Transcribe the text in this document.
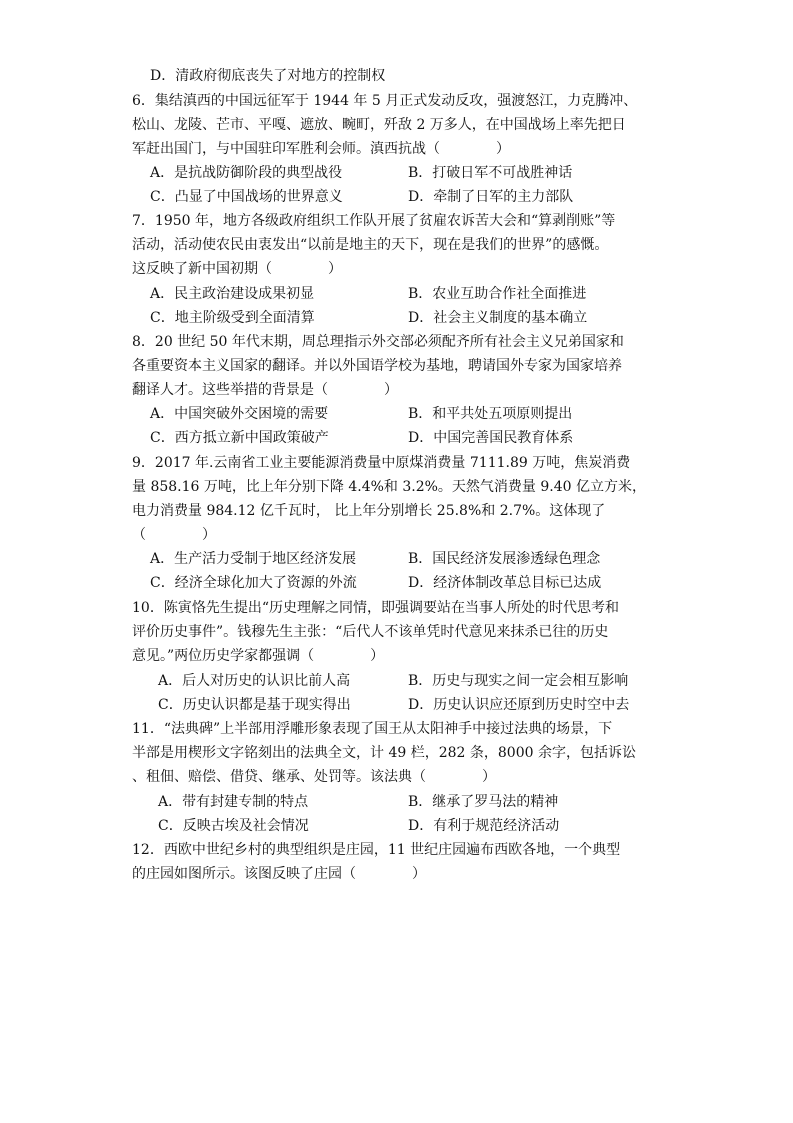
D．清政府彻底丧失了对地方的控制权
6．集结滇西的中国远征军于 1944 年 5 月正式发动反攻，强渡怒江，力克腾冲、
松山、龙陵、芒市、平嘎、遮放、畹町，歼敌 2 万多人，在中国战场上率先把日
军赶出国门，与中国驻印军胜利会师。滇西抗战（　　　　）
A．是抗战防御阶段的典型战役	B．打破日军不可战胜神话
C．凸显了中国战场的世界意义	D．牵制了日军的主力部队
7．1950 年，地方各级政府组织工作队开展了贫雇农诉苦大会和“算剥削账”等
活动，活动使农民由衷发出“以前是地主的天下，现在是我们的世界”的感慨。
这反映了新中国初期（　　　　）
A．民主政治建设成果初显	B．农业互助合作社全面推进
C．地主阶级受到全面清算	D．社会主义制度的基本确立
8．20 世纪 50 年代末期，周总理指示外交部必须配齐所有社会主义兄弟国家和
各重要资本主义国家的翻译。并以外国语学校为基地，聘请国外专家为国家培养
翻译人才。这些举措的背景是（　　　　）
A．中国突破外交困境的需要	B．和平共处五项原则提出
C．西方抵立新中国政策破产	D．中国完善国民教育体系
9．2017 年.云南省工业主要能源消费量中原煤消费量 7111.89 万吨，焦炭消费
量 858.16 万吨，比上年分别下降 4.4%和 3.2%。天然气消费量 9.40 亿立方米，
电力消费量 984.12 亿千瓦时， 比上年分别增长 25.8%和 2.7%。这体现了
（　　　　）
A．生产活力受制于地区经济发展	B．国民经济发展渗透绿色理念
C．经济全球化加大了资源的外流	D．经济体制改革总目标已达成
10．陈寅恪先生提出“历史理解之同情，即强调要站在当事人所处的时代思考和
评价历史事件”。钱穆先生主张：“后代人不该单凭时代意见来抹杀已往的历史
意见。”两位历史学家都强调（　　　　）
A．后人对历史的认识比前人高	B．历史与现实之间一定会相互影响
C．历史认识都是基于现实得出	D．历史认识应还原到历史时空中去
11．“法典碑”上半部用浮雕形象表现了国王从太阳神手中接过法典的场景，下
半部是用楔形文字铭刻出的法典全文，计 49 栏，282 条，8000 余字，包括诉讼
、租佃、赔偿、借贷、继承、处罚等。该法典（　　　　）
A．带有封建专制的特点	B．继承了罗马法的精神
C．反映古埃及社会情况	D．有利于规范经济活动
12．西欧中世纪乡村的典型组织是庄园，11 世纪庄园遍布西欧各地，一个典型
的庄园如图所示。该图反映了庄园（　　　　）
